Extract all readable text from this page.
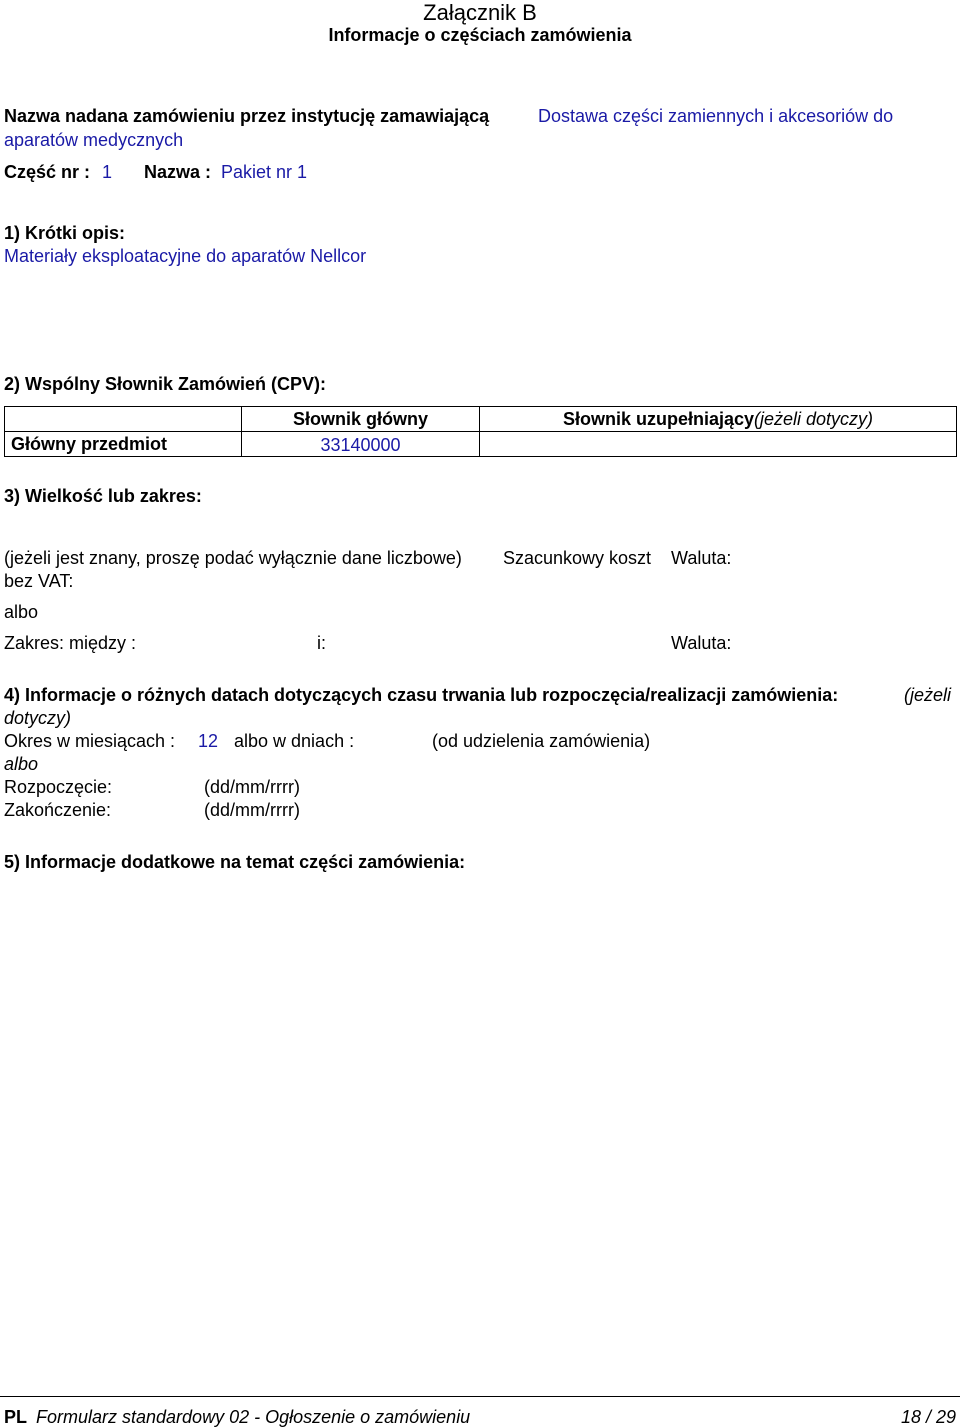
Załącznik B
Informacje o częściach zamówienia
Nazwa nadana zamówieniu przez instytucję zamawiającą	Dostawa części zamiennych i akcesoriów do
aparatów medycznych
Część nr : 1 Nazwa : Pakiet nr 1
1) Krótki opis:
Materiały eksploatacyjne do aparatów Nellcor
2) Wspólny Słownik Zamówień (CPV):
	Słownik główny	Słownik uzupełniający(jeżeli dotyczy)
Główny przedmiot	33140000	
3) Wielkość lub zakres:
(jeżeli jest znany, proszę podać wyłącznie dane liczbowe) Szacunkowy koszt Waluta:
bez VAT:
albo
Zakres: między :	i:	Waluta:
4) Informacje o różnych datach dotyczących czasu trwania lub rozpoczęcia/realizacji zamówienia:	(jeżeli
dotyczy)
Okres w miesiącach : 12 albo w dniach :	(od udzielenia zamówienia)
albo
Rozpoczęcie:	(dd/mm/rrrr)
Zakończenie:	(dd/mm/rrrr)
5) Informacje dodatkowe na temat części zamówienia:
PL Formularz standardowy 02 - Ogłoszenie o zamówieniu	18 / 29
